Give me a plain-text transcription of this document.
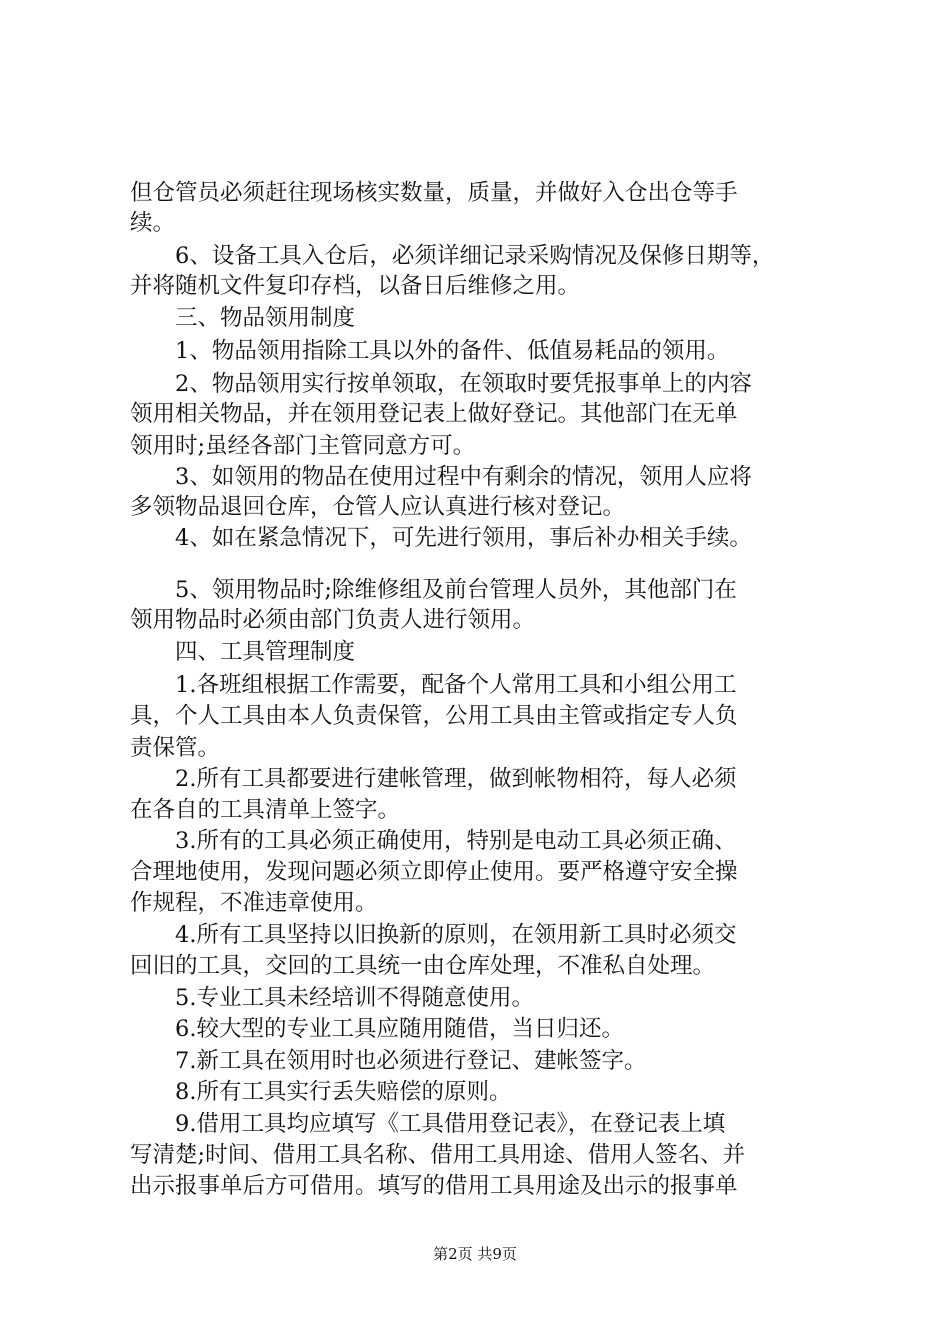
但仓管员必须赶往现场核实数量，质量，并做好入仓出仓等手
续。
6、设备工具入仓后，必须详细记录采购情况及保修日期等，
并将随机文件复印存档，以备日后维修之用。
三、物品领用制度
1、物品领用指除工具以外的备件、低值易耗品的领用。
2、物品领用实行按单领取，在领取时要凭报事单上的内容
领用相关物品，并在领用登记表上做好登记。其他部门在无单
领用时;虽经各部门主管同意方可。
3、如领用的物品在使用过程中有剩余的情况，领用人应将
多领物品退回仓库，仓管人应认真进行核对登记。
4、如在紧急情况下，可先进行领用，事后补办相关手续。
5、领用物品时;除维修组及前台管理人员外，其他部门在
领用物品时必须由部门负责人进行领用。
四、工具管理制度
1.各班组根据工作需要，配备个人常用工具和小组公用工
具，个人工具由本人负责保管，公用工具由主管或指定专人负
责保管。
2.所有工具都要进行建帐管理，做到帐物相符，每人必须
在各自的工具清单上签字。
3.所有的工具必须正确使用，特别是电动工具必须正确、
合理地使用，发现问题必须立即停止使用。要严格遵守安全操
作规程，不准违章使用。
4.所有工具坚持以旧换新的原则，在领用新工具时必须交
回旧的工具，交回的工具统一由仓库处理，不准私自处理。
5.专业工具未经培训不得随意使用。
6.较大型的专业工具应随用随借，当日归还。
7.新工具在领用时也必须进行登记、建帐签字。
8.所有工具实行丢失赔偿的原则。
9.借用工具均应填写《工具借用登记表》，在登记表上填
写清楚;时间、借用工具名称、借用工具用途、借用人签名、并
出示报事单后方可借用。填写的借用工具用途及出示的报事单
第2页 共9页
